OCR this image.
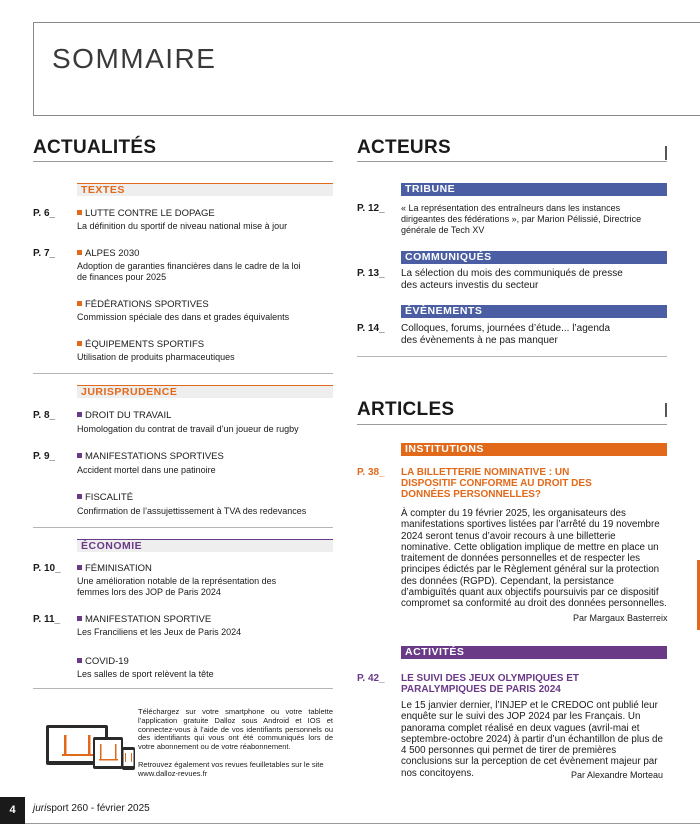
SOMMAIRE
ACTUALITÉS
TEXTES
P. 6_	LUTTE CONTRE LE DOPAGE
La définition du sportif de niveau national mise à jour
P. 7_	ALPES 2030
Adoption de garanties financières dans le cadre de la loi de finances pour 2025
FÉDÉRATIONS SPORTIVES
Commission spéciale des dans et grades équivalents
ÉQUIPEMENTS SPORTIFS
Utilisation de produits pharmaceutiques
JURISPRUDENCE
P. 8_	DROIT DU TRAVAIL
Homologation du contrat de travail d’un joueur de rugby
P. 9_	MANIFESTATIONS SPORTIVES
Accident mortel dans une patinoire
FISCALITÉ
Confirmation de l’assujettissement à TVA des redevances
ÉCONOMIE
P. 10_	FÉMINISATION
Une amélioration notable de la représentation des femmes lors des JOP de Paris 2024
P. 11_	MANIFESTATION SPORTIVE
Les Franciliens et les Jeux de Paris 2024
COVID-19
Les salles de sport relèvent la tête
Téléchargez sur votre smartphone ou votre tablette l’application gratuite Dalloz sous Android et IOS et connectez-vous à l’aide de vos identifiants personnels ou des identifiants qui vous ont été communiqués lors de votre abonnement ou de votre réabonnement.
Retrouvez également vos revues feuilletables sur le site www.dalloz-revues.fr
ACTEURS
TRIBUNE
P. 12_ « La représentation des entraîneurs dans les instances dirigeantes des fédérations », par Marion Pélissié, Directrice générale de Tech XV
COMMUNIQUÉS
P. 13_ La sélection du mois des communiqués de presse des acteurs investis du secteur
ÉVÈNEMENTS
P. 14_ Colloques, forums, journées d’étude... l’agenda des évènements à ne pas manquer
ARTICLES
INSTITUTIONS
P. 38_ LA BILLETTERIE NOMINATIVE : UN DISPOSITIF CONFORME AU DROIT DES DONNÉES PERSONNELLES?
À compter du 19 février 2025, les organisateurs des manifestations sportives listées par l’arrêté du 19 novembre 2024 seront tenus d’avoir recours à une billetterie nominative. Cette obligation implique de mettre en place un traitement de données personnelles et de respecter les principes édictés par le Règlement général sur la protection des données (RGPD). Cependant, la persistance d’ambiguïtés quant aux objectifs poursuivis par ce dispositif compromet sa conformité au droit des données personnelles.
Par Margaux Basterreix
ACTIVITÉS
P. 42_ LE SUIVI DES JEUX OLYMPIQUES ET PARALYMPIQUES DE PARIS 2024
Le 15 janvier dernier, l’INJEP et le CREDOC ont publié leur enquête sur le suivi des JOP 2024 par les Français. Un panorama complet réalisé en deux vagues (avril-mai et septembre-octobre 2024) à partir d’un échantillon de plus de 4 500 personnes qui permet de tirer de premières conclusions sur la perception de cet évènement majeur par nos concitoyens.	Par Alexandre Morteau
4	jurisport 260 - février 2025
